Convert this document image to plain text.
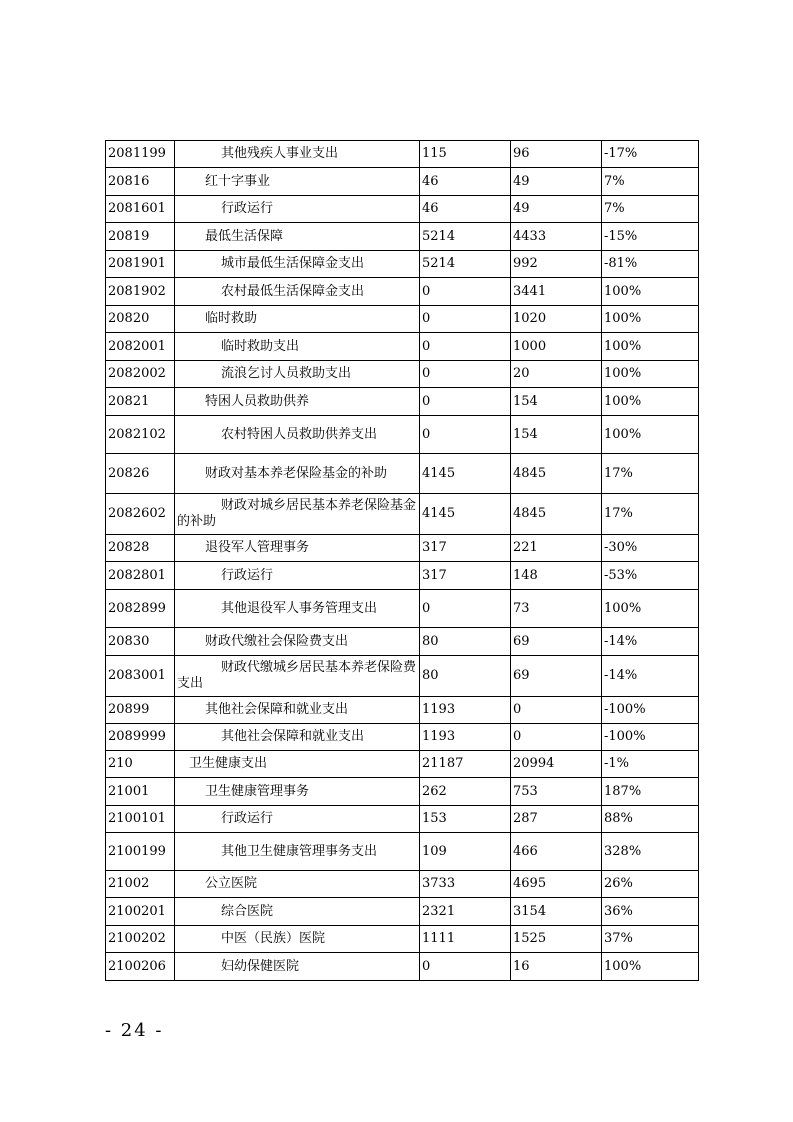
2081199	其他残疾人事业支出	115	96	-17%
20816	红十字事业	46	49	7%
2081601	行政运行	46	49	7%
20819	最低生活保障	5214	4433	-15%
2081901	城市最低生活保障金支出	5214	992	-81%
2081902	农村最低生活保障金支出	0	3441	100%
20820	临时救助	0	1020	100%
2082001	临时救助支出	0	1000	100%
2082002	流浪乞讨人员救助支出	0	20	100%
20821	特困人员救助供养	0	154	100%
2082102	农村特困人员救助供养支出	0	154	100%
20826	财政对基本养老保险基金的补助	4145	4845	17%
2082602	财政对城乡居民基本养老保险基金的补助	4145	4845	17%
20828	退役军人管理事务	317	221	-30%
2082801	行政运行	317	148	-53%
2082899	其他退役军人事务管理支出	0	73	100%
20830	财政代缴社会保险费支出	80	69	-14%
2083001	财政代缴城乡居民基本养老保险费支出	80	69	-14%
20899	其他社会保障和就业支出	1193	0	-100%
2089999	其他社会保障和就业支出	1193	0	-100%
210	卫生健康支出	21187	20994	-1%
21001	卫生健康管理事务	262	753	187%
2100101	行政运行	153	287	88%
2100199	其他卫生健康管理事务支出	109	466	328%
21002	公立医院	3733	4695	26%
2100201	综合医院	2321	3154	36%
2100202	中医（民族）医院	1111	1525	37%
2100206	妇幼保健医院	0	16	100%
- 24 -
